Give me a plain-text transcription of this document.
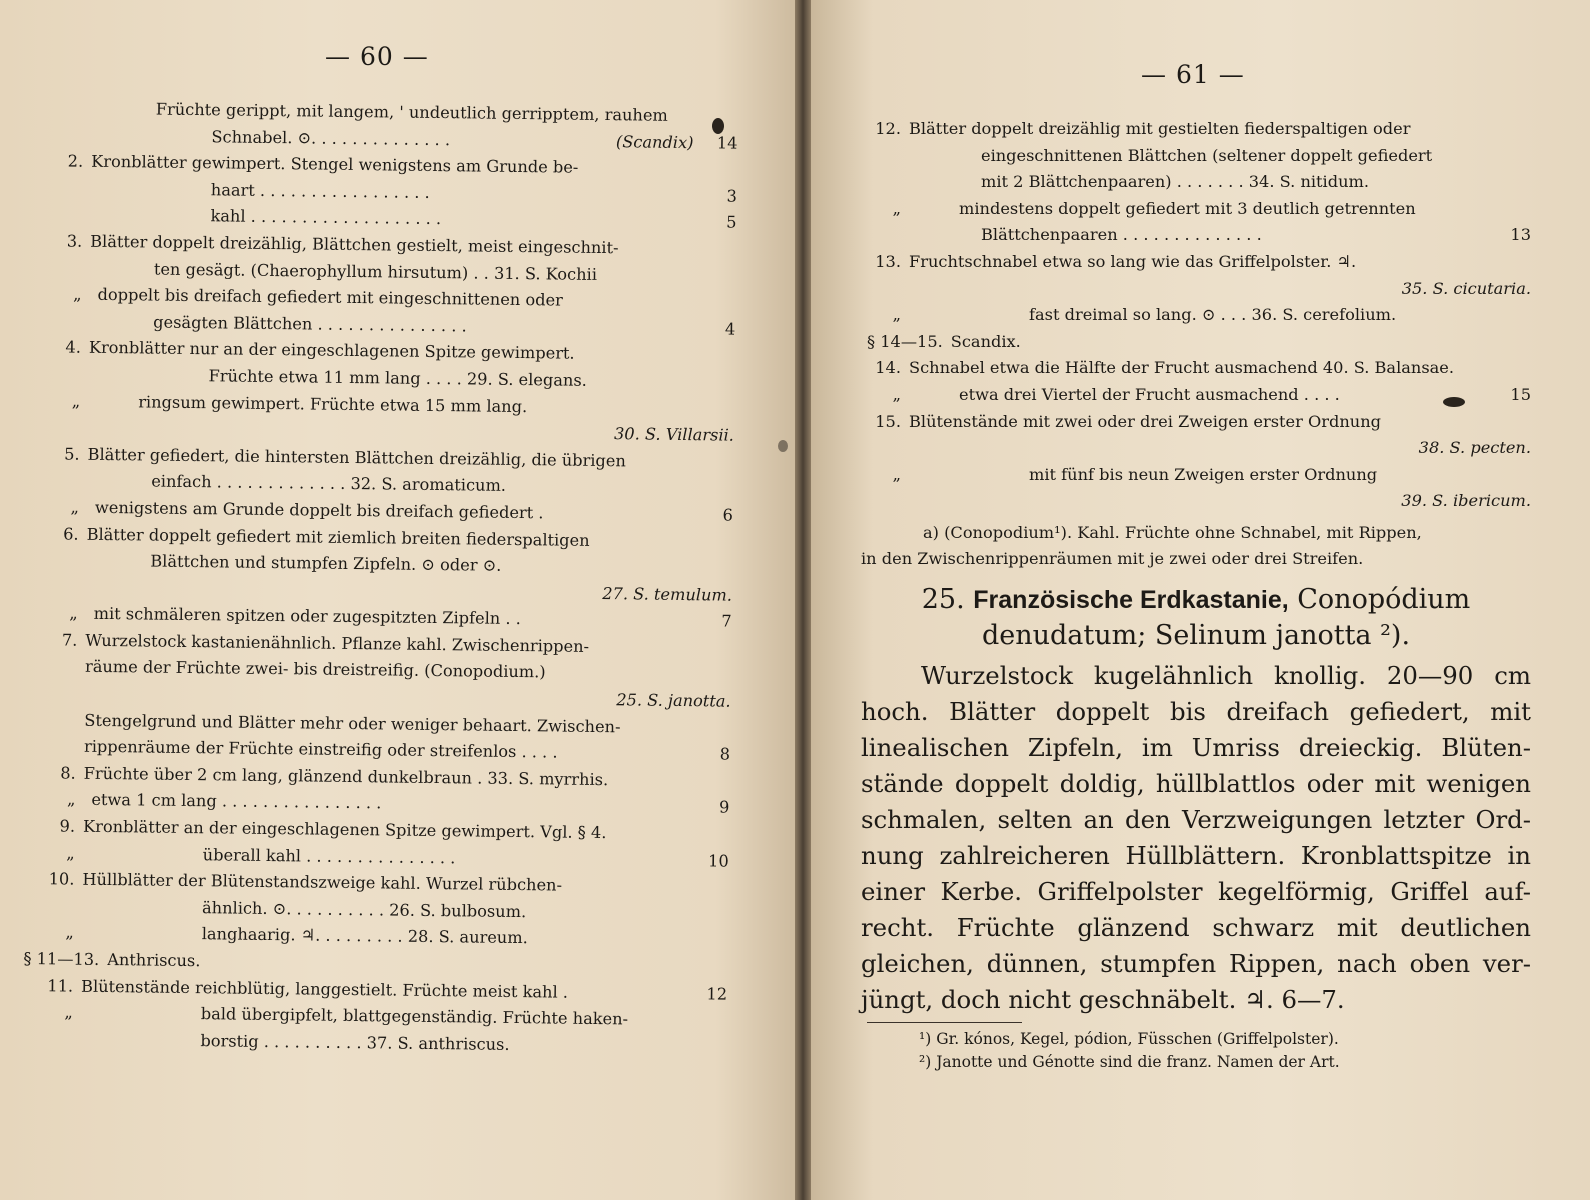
— 60 —
Früchte gerippt, mit langem, ' undeutlich gerripptem, rauhem
Schnabel. ⊙. . . . . . . . . . . . . .	(Scandix)	14
2. Kronblätter gewimpert. Stengel wenigstens am Grunde be-
haart . . . . . . . . . . . . . . . . .	3
kahl . . . . . . . . . . . . . . . . . . .	5
3. Blätter doppelt dreizählig, Blättchen gestielt, meist eingeschnit-
ten gesägt. (Chaerophyllum hirsutum) . . 31. S. Kochii
„ doppelt bis dreifach gefiedert mit eingeschnittenen oder
gesägten Blättchen . . . . . . . . . . . . . . .	4
4. Kronblätter nur an der eingeschlagenen Spitze gewimpert.
Früchte etwa 11 mm lang . . . . 29. S. elegans.
„	ringsum gewimpert. Früchte etwa 15 mm lang.
30. S. Villarsii.
5. Blätter gefiedert, die hintersten Blättchen dreizählig, die übrigen
einfach . . . . . . . . . . . . . 32. S. aromaticum.
„ wenigstens am Grunde doppelt bis dreifach gefiedert .	6
6. Blätter doppelt gefiedert mit ziemlich breiten fiederspaltigen
Blättchen und stumpfen Zipfeln. ⊙ oder ⊙.
27. S. temulum.
„ mit schmäleren spitzen oder zugespitzten Zipfeln . .	7
7. Wurzelstock kastanienähnlich. Pflanze kahl. Zwischenrippen-
räume der Früchte zwei- bis dreistreifig. (Conopodium.)
25. S. janotta.
Stengelgrund und Blätter mehr oder weniger behaart. Zwischen-
rippenräume der Früchte einstreifig oder streifenlos . . . .	8
8. Früchte über 2 cm lang, glänzend dunkelbraun . 33. S. myrrhis.
„ etwa 1 cm lang . . . . . . . . . . . . . . . .	9
9. Kronblätter an der eingeschlagenen Spitze gewimpert. Vgl. § 4.
„	überall kahl . . . . . . . . . . . . . . .	10
10. Hüllblätter der Blütenstandszweige kahl. Wurzel rübchen-
ähnlich. ⊙. . . . . . . . . . 26. S. bulbosum.
„	langhaarig. ♃. . . . . . . . . 28. S. aureum.
§ 11—13. Anthriscus.
11. Blütenstände reichblütig, langgestielt. Früchte meist kahl .	12
„	bald übergipfelt, blattgegenständig. Früchte haken-
borstig . . . . . . . . . . 37. S. anthriscus.
— 61 —
12. Blätter doppelt dreizählig mit gestielten fiederspaltigen oder
eingeschnittenen Blättchen (seltener doppelt gefiedert
mit 2 Blättchenpaaren) . . . . . . . 34. S. nitidum.
„	mindestens doppelt gefiedert mit 3 deutlich getrennten
Blättchenpaaren . . . . . . . . . . . . . .	13
13. Fruchtschnabel etwa so lang wie das Griffelpolster. ♃.
35. S. cicutaria.
„	fast dreimal so lang. ⊙ . . . 36. S. cerefolium.
§ 14—15. Scandix.
14. Schnabel etwa die Hälfte der Frucht ausmachend 40. S. Balansae.
„	etwa drei Viertel der Frucht ausmachend . . . .	15
15. Blütenstände mit zwei oder drei Zweigen erster Ordnung
38. S. pecten.
„	mit fünf bis neun Zweigen erster Ordnung
39. S. ibericum.
a) (Conopodium¹). Kahl. Früchte ohne Schnabel, mit Rippen,
in den Zwischenrippenräumen mit je zwei oder drei Streifen.
25. Französische Erdkastanie, Conopódium
denudatum; Selinum janotta ²).
Wurzelstock kugelähnlich knollig. 20—90 cm
hoch. Blätter doppelt bis dreifach gefiedert, mit
linealischen Zipfeln, im Umriss dreieckig. Blüten-
stände doppelt doldig, hüllblattlos oder mit wenigen
schmalen, selten an den Verzweigungen letzter Ord-
nung zahlreicheren Hüllblättern. Kronblattspitze in
einer Kerbe. Griffelpolster kegelförmig, Griffel auf-
recht. Früchte glänzend schwarz mit deutlichen
gleichen, dünnen, stumpfen Rippen, nach oben ver-
jüngt, doch nicht geschnäbelt. ♃. 6—7.
¹) Gr. kónos, Kegel, pódion, Füsschen (Griffelpolster).
²) Janotte und Génotte sind die franz. Namen der Art.
